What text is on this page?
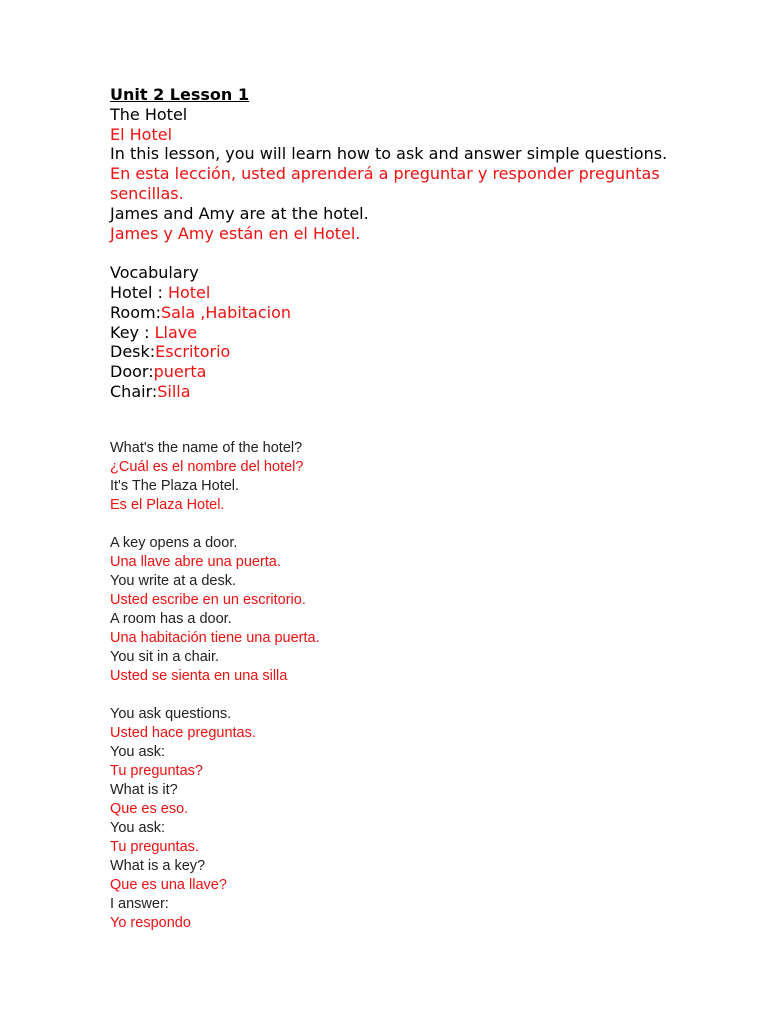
Unit 2 Lesson 1
The Hotel
El Hotel
In this lesson, you will learn how to ask and answer simple questions.
En esta lección, usted aprenderá a preguntar y responder preguntas sencillas.
James and Amy are at the hotel.
James y Amy están en el Hotel.
Vocabulary
Hotel : Hotel
Room:Sala ,Habitacion
Key : Llave
Desk:Escritorio
Door:puerta
Chair:Silla
What's the name of the hotel?
¿Cuál es el nombre del hotel?
It's The Plaza Hotel.
Es el Plaza Hotel.
A key opens a door.
Una llave abre una puerta.
You write at a desk.
Usted escribe en un escritorio.
A room has a door.
Una habitación tiene una puerta.
You sit in a chair.
Usted se sienta en una silla
You ask questions.
Usted hace preguntas.
You ask:
Tu preguntas?
What is it?
Que es eso.
You ask:
Tu preguntas.
What is a key?
Que es una llave?
I answer:
Yo respondo
